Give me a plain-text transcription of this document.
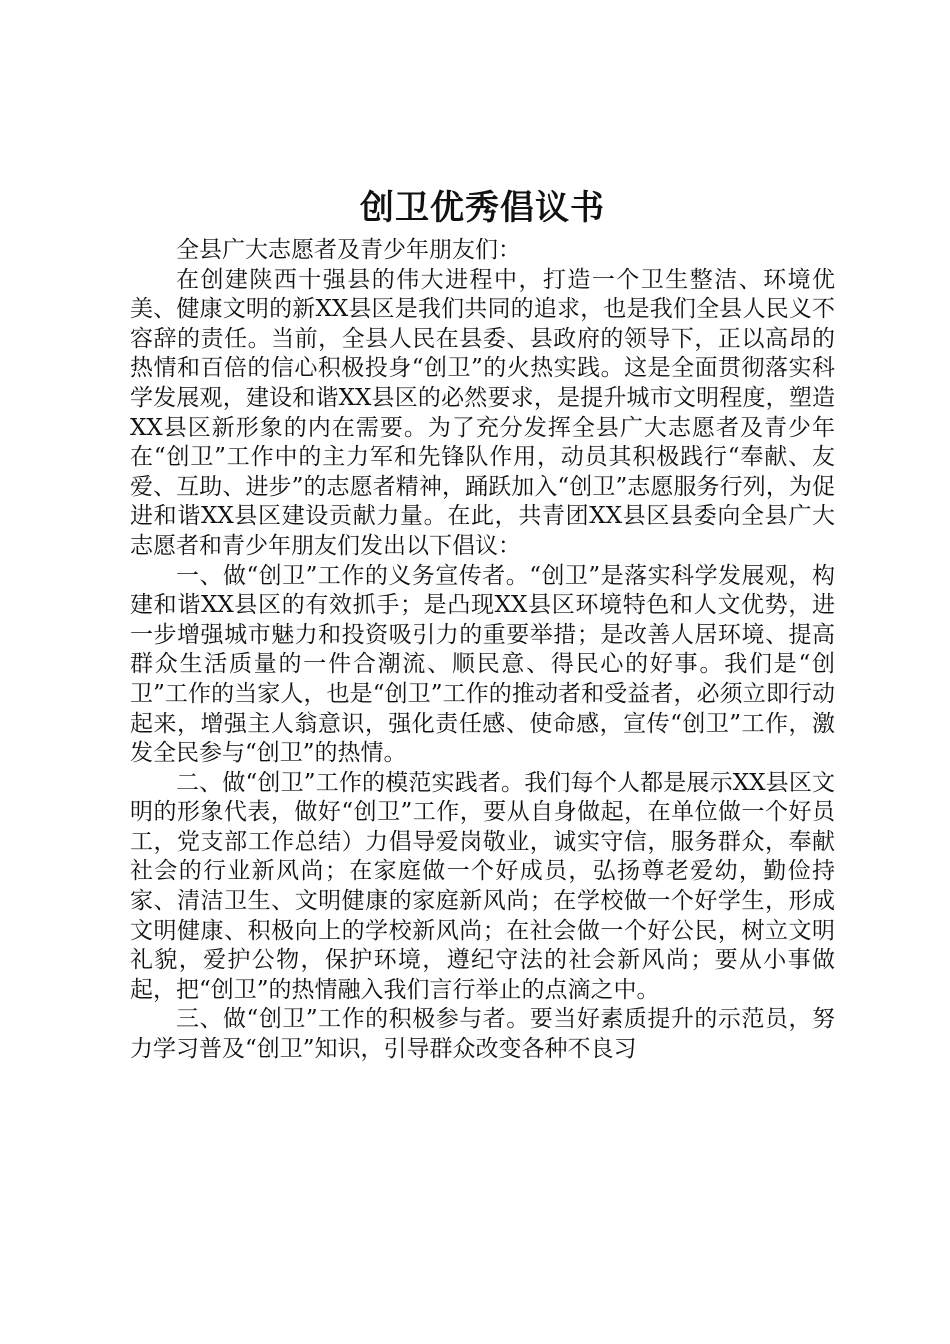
创卫优秀倡议书

全县广大志愿者及青少年朋友们：

在创建陕西十强县的伟大进程中，打造一个卫生整洁、环境优美、健康文明的新XX县区是我们共同的追求，也是我们全县人民义不容辞的责任。当前，全县人民在县委、县政府的领导下，正以高昂的热情和百倍的信心积极投身“创卫”的火热实践。这是全面贯彻落实科学发展观，建设和谐XX县区的必然要求，是提升城市文明程度，塑造XX县区新形象的内在需要。为了充分发挥全县广大志愿者及青少年在“创卫”工作中的主力军和先锋队作用，动员其积极践行“奉献、友爱、互助、进步”的志愿者精神，踊跃加入“创卫”志愿服务行列，为促进和谐XX县区建设贡献力量。在此，共青团XX县区县委向全县广大志愿者和青少年朋友们发出以下倡议：

一、做“创卫”工作的义务宣传者。“创卫”是落实科学发展观，构建和谐XX县区的有效抓手；是凸现XX县区环境特色和人文优势，进一步增强城市魅力和投资吸引力的重要举措；是改善人居环境、提高群众生活质量的一件合潮流、顺民意、得民心的好事。我们是“创卫”工作的当家人，也是“创卫”工作的推动者和受益者，必须立即行动起来，增强主人翁意识，强化责任感、使命感，宣传“创卫”工作，激发全民参与“创卫”的热情。

二、做“创卫”工作的模范实践者。我们每个人都是展示XX县区文明的形象代表，做好“创卫”工作，要从自身做起，在单位做一个好员工，党支部工作总结）力倡导爱岗敬业，诚实守信，服务群众，奉献社会的行业新风尚；在家庭做一个好成员，弘扬尊老爱幼，勤俭持家、清洁卫生、文明健康的家庭新风尚；在学校做一个好学生，形成文明健康、积极向上的学校新风尚；在社会做一个好公民，树立文明礼貌，爱护公物，保护环境，遵纪守法的社会新风尚；要从小事做起，把“创卫”的热情融入我们言行举止的点滴之中。

三、做“创卫”工作的积极参与者。要当好素质提升的示范员，努力学习普及“创卫”知识，引导群众改变各种不良习
